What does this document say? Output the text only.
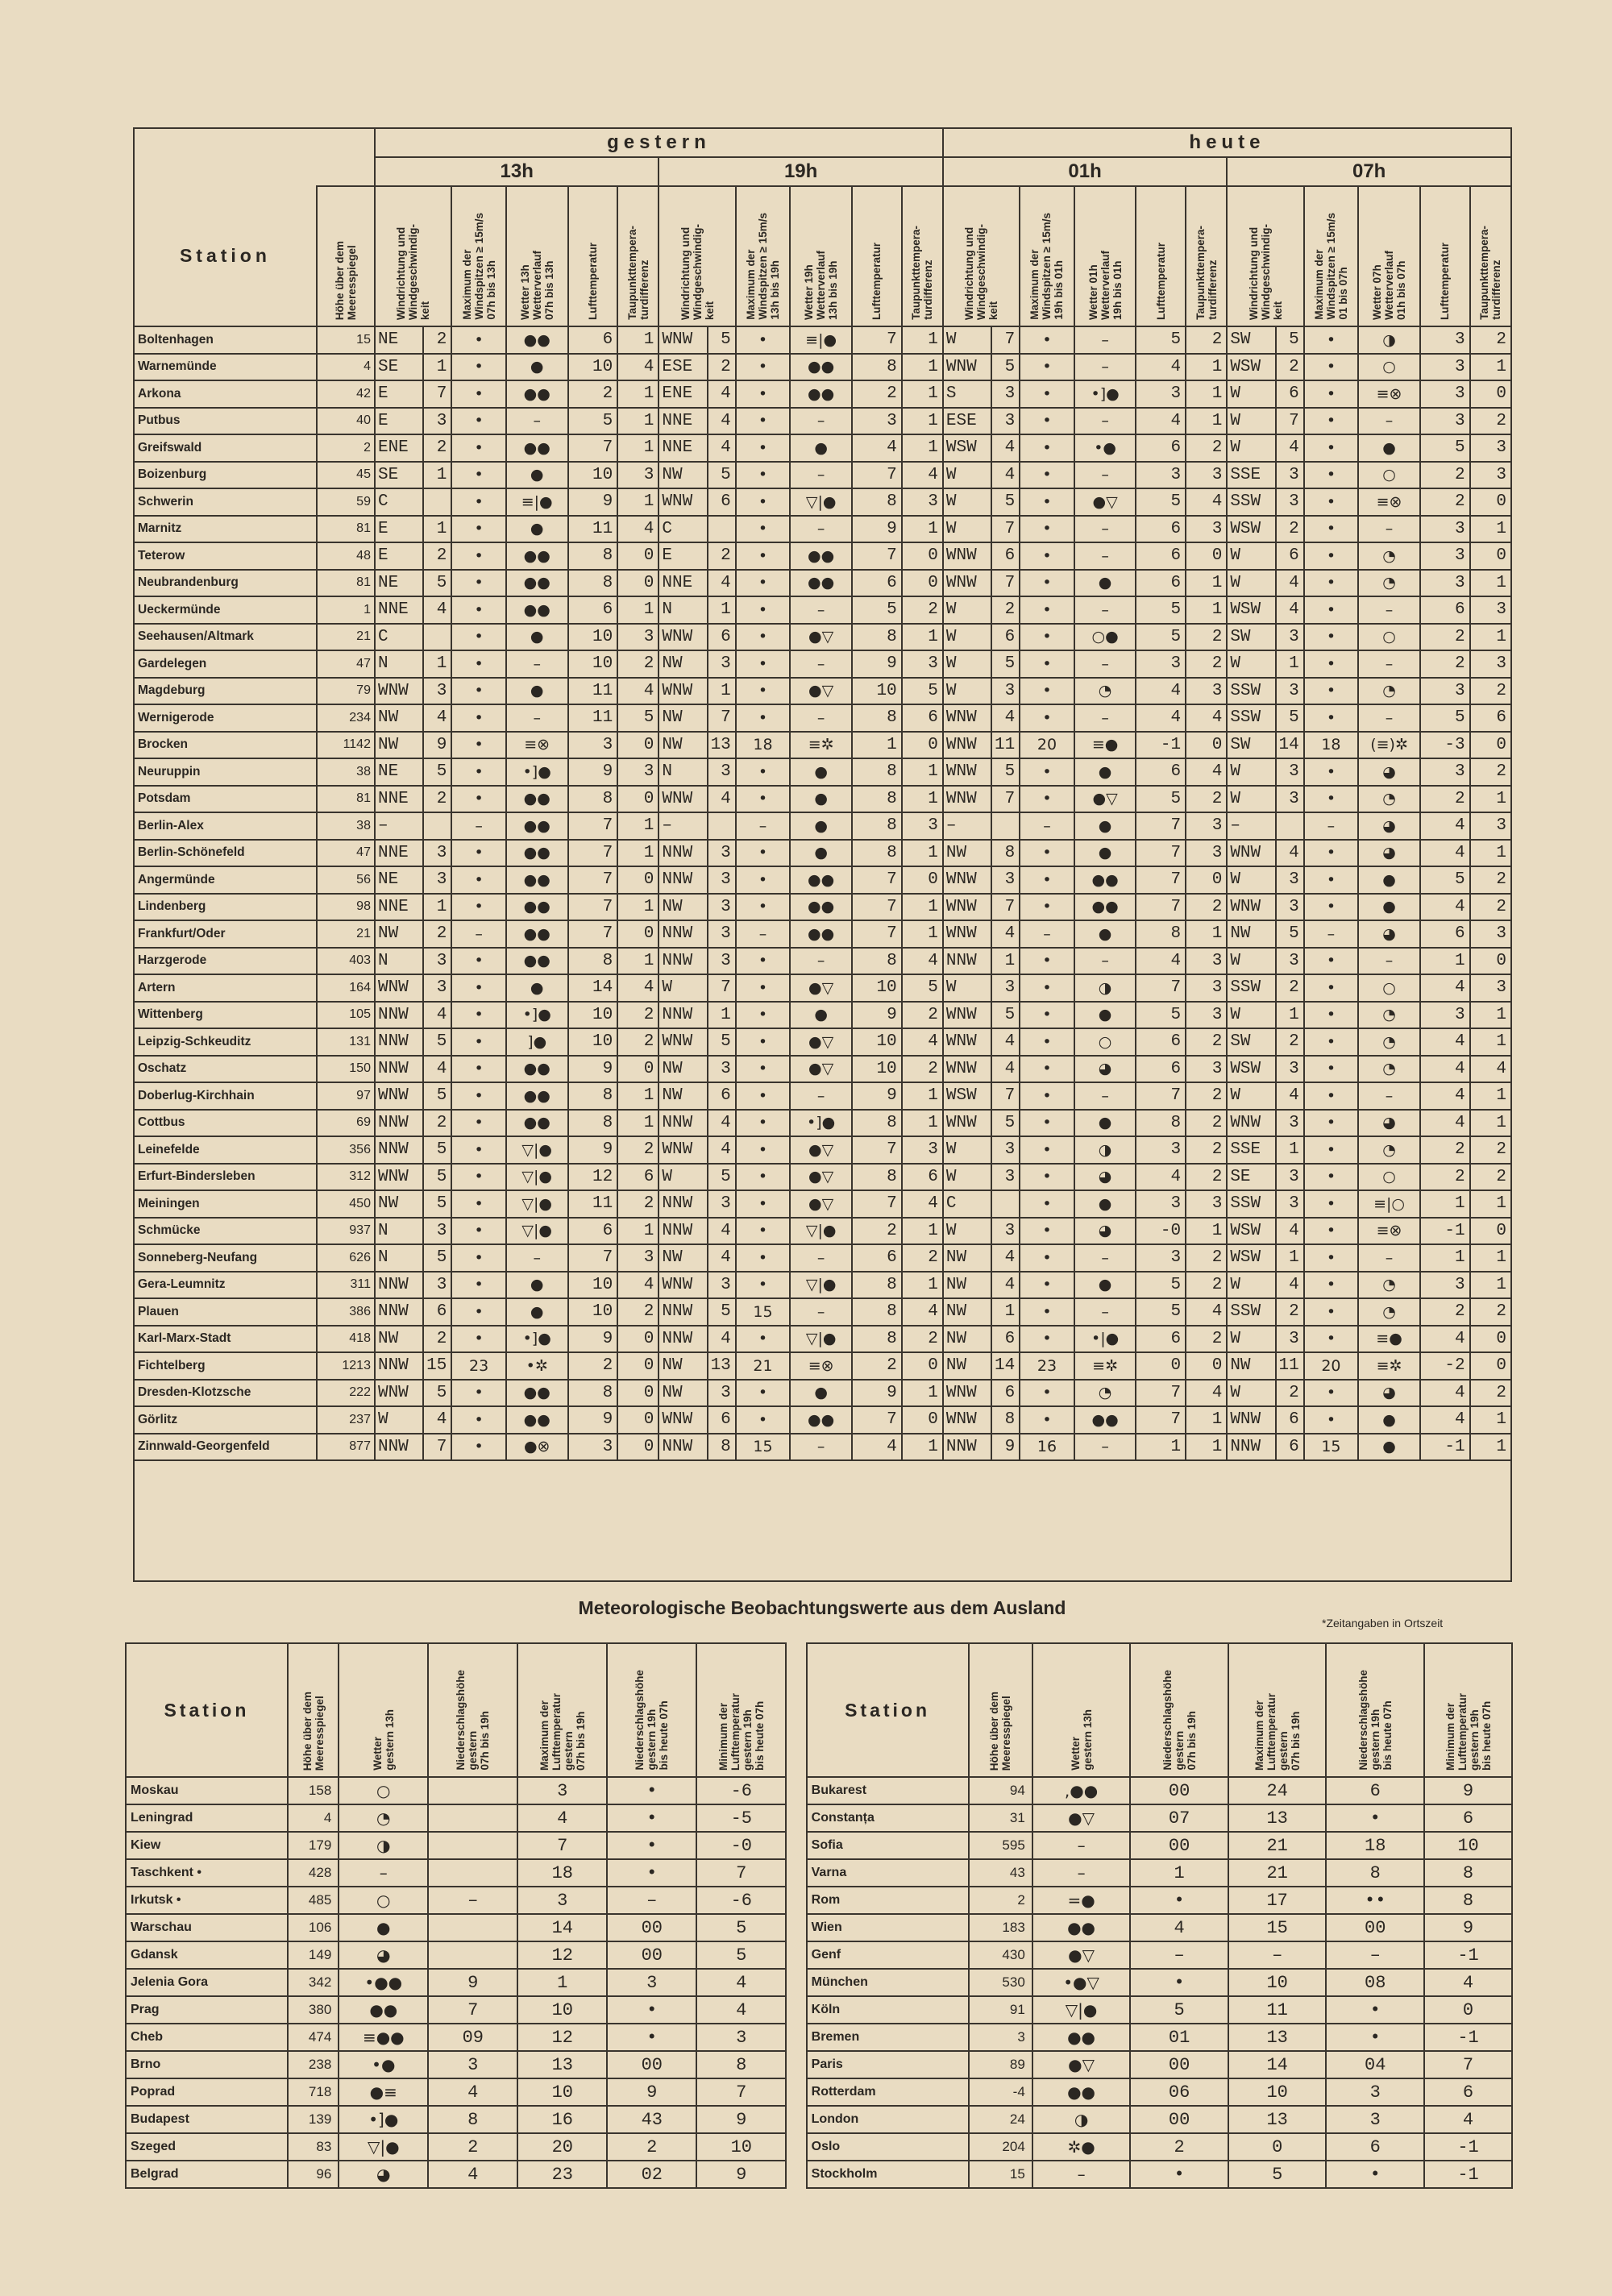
		gestern												heute											
		13h						19h						01h						07h					
Station	Höhe über dem
Meeresspiegel	Windrichtung und
Windgeschwindig-
keit		Maximum der
Windspitzen ≥ 15m/s
07h bis 13h	Wetter 13h
Wetterverlauf
07h bis 13h	Lufttemperatur	Taupunkttempera-
turdifferenz	Windrichtung und
Windgeschwindig-
keit		Maximum der
Windspitzen ≥ 15m/s
13h bis 19h	Wetter 19h
Wetterverlauf
13h bis 19h	Lufttemperatur	Taupunkttempera-
turdifferenz	Windrichtung und
Windgeschwindig-
keit		Maximum der
Windspitzen ≥ 15m/s
19h bis 01h	Wetter 01h
Wetterverlauf
19h bis 01h	Lufttemperatur	Taupunkttempera-
turdifferenz	Windrichtung und
Windgeschwindig-
keit		Maximum der
Windspitzen ≥ 15m/s
01 bis 07h	Wetter 07h
Wetterverlauf
01h bis 07h	Lufttemperatur	Taupunkttempera-
turdifferenz
Boltenhagen	15	NE	2	•	●●	6	1	WNW	5	•	≡|●	7	1	W	7	•	–	5	2	SW	5	•	◑	3	2
Warnemünde	4	SE	1	•	●	10	4	ESE	2	•	●●	8	1	WNW	5	•	–	4	1	WSW	2	•	○	3	1
Arkona	42	E	7	•	●●	2	1	ENE	4	•	●●	2	1	S	3	•	•]●	3	1	W	6	•	≡⊗	3	0
Putbus	40	E	3	•	–	5	1	NNE	4	•	–	3	1	ESE	3	•	–	4	1	W	7	•	–	3	2
Greifswald	2	ENE	2	•	●●	7	1	NNE	4	•	●	4	1	WSW	4	•	•●	6	2	W	4	•	●	5	3
Boizenburg	45	SE	1	•	●	10	3	NW	5	•	–	7	4	W	4	•	–	3	3	SSE	3	•	○	2	3
Schwerin	59	C		•	≡|●	9	1	WNW	6	•	▽|●	8	3	W	5	•	●▽	5	4	SSW	3	•	≡⊗	2	0
Marnitz	81	E	1	•	●	11	4	C		•	–	9	1	W	7	•	–	6	3	WSW	2	•	–	3	1
Teterow	48	E	2	•	●●	8	0	E	2	•	●●	7	0	WNW	6	•	–	6	0	W	6	•	◔	3	0
Neubrandenburg	81	NE	5	•	●●	8	0	NNE	4	•	●●	6	0	WNW	7	•	●	6	1	W	4	•	◔	3	1
Ueckermünde	1	NNE	4	•	●●	6	1	N	1	•	–	5	2	W	2	•	–	5	1	WSW	4	•	–	6	3
Seehausen/Altmark	21	C		•	●	10	3	WNW	6	•	●▽	8	1	W	6	•	○●	5	2	SW	3	•	○	2	1
Gardelegen	47	N	1	•	–	10	2	NW	3	•	–	9	3	W	5	•	–	3	2	W	1	•	–	2	3
Magdeburg	79	WNW	3	•	●	11	4	WNW	1	•	●▽	10	5	W	3	•	◔	4	3	SSW	3	•	◔	3	2
Wernigerode	234	NW	4	•	–	11	5	NW	7	•	–	8	6	WNW	4	•	–	4	4	SSW	5	•	–	5	6
Brocken	1142	NW	9	•	≡⊗	3	0	NW	13	18	≡✲	1	0	WNW	11	20	≡●	-1	0	SW	14	18	(≡)✲	-3	0
Neuruppin	38	NE	5	•	•]●	9	3	N	3	•	●	8	1	WNW	5	•	●	6	4	W	3	•	◕	3	2
Potsdam	81	NNE	2	•	●●	8	0	WNW	4	•	●	8	1	WNW	7	•	●▽	5	2	W	3	•	◔	2	1
Berlin-Alex	38	–		–	●●	7	1	–		–	●	8	3	–		–	●	7	3	–		–	◕	4	3
Berlin-Schönefeld	47	NNE	3	•	●●	7	1	NNW	3	•	●	8	1	NW	8	•	●	7	3	WNW	4	•	◕	4	1
Angermünde	56	NE	3	•	●●	7	0	NNW	3	•	●●	7	0	WNW	3	•	●●	7	0	W	3	•	●	5	2
Lindenberg	98	NNE	1	•	●●	7	1	NW	3	•	●●	7	1	WNW	7	•	●●	7	2	WNW	3	•	●	4	2
Frankfurt/Oder	21	NW	2	–	●●	7	0	NNW	3	–	●●	7	1	WNW	4	–	●	8	1	NW	5	–	◕	6	3
Harzgerode	403	N	3	•	●●	8	1	NNW	3	•	–	8	4	NNW	1	•	–	4	3	W	3	•	–	1	0
Artern	164	WNW	3	•	●	14	4	W	7	•	●▽	10	5	W	3	•	◑	7	3	SSW	2	•	○	4	3
Wittenberg	105	NNW	4	•	•]●	10	2	NNW	1	•	●	9	2	WNW	5	•	●	5	3	W	1	•	◔	3	1
Leipzig-Schkeuditz	131	NNW	5	•	]●	10	2	WNW	5	•	●▽	10	4	WNW	4	•	○	6	2	SW	2	•	◔	4	1
Oschatz	150	NNW	4	•	●●	9	0	NW	3	•	●▽	10	2	WNW	4	•	◕	6	3	WSW	3	•	◔	4	4
Doberlug-Kirchhain	97	WNW	5	•	●●	8	1	NW	6	•	–	9	1	WSW	7	•	–	7	2	W	4	•	–	4	1
Cottbus	69	NNW	2	•	●●	8	1	NNW	4	•	•]●	8	1	WNW	5	•	●	8	2	WNW	3	•	◕	4	1
Leinefelde	356	NNW	5	•	▽|●	9	2	WNW	4	•	●▽	7	3	W	3	•	◑	3	2	SSE	1	•	◔	2	2
Erfurt-Bindersleben	312	WNW	5	•	▽|●	12	6	W	5	•	●▽	8	6	W	3	•	◕	4	2	SE	3	•	○	2	2
Meiningen	450	NW	5	•	▽|●	11	2	NNW	3	•	●▽	7	4	C		•	●	3	3	SSW	3	•	≡|○	1	1
Schmücke	937	N	3	•	▽|●	6	1	NNW	4	•	▽|●	2	1	W	3	•	◕	-0	1	WSW	4	•	≡⊗	-1	0
Sonneberg-Neufang	626	N	5	•	–	7	3	NW	4	•	–	6	2	NW	4	•	–	3	2	WSW	1	•	–	1	1
Gera-Leumnitz	311	NNW	3	•	●	10	4	WNW	3	•	▽|●	8	1	NW	4	•	●	5	2	W	4	•	◔	3	1
Plauen	386	NNW	6	•	●	10	2	NNW	5	15	–	8	4	NW	1	•	–	5	4	SSW	2	•	◔	2	2
Karl-Marx-Stadt	418	NW	2	•	•]●	9	0	NNW	4	•	▽|●	8	2	NW	6	•	•|●	6	2	W	3	•	≡●	4	0
Fichtelberg	1213	NNW	15	23	•✲	2	0	NW	13	21	≡⊗	2	0	NW	14	23	≡✲	0	0	NW	11	20	≡✲	-2	0
Dresden-Klotzsche	222	WNW	5	•	●●	8	0	NW	3	•	●	9	1	WNW	6	•	◔	7	4	W	2	•	◕	4	2
Görlitz	237	W	4	•	●●	9	0	WNW	6	•	●●	7	0	WNW	8	•	●●	7	1	WNW	6	•	●	4	1
Zinnwald-Georgenfeld	877	NNW	7	•	●⊗	3	0	NNW	8	15	–	4	1	NNW	9	16	–	1	1	NNW	6	15	●	-1	1

Meteorologische Beobachtungswerte aus dem Ausland
*Zeitangaben in Ortszeit
Station	Höhe über dem
Meeresspiegel	Wetter
gestern 13h	Niederschlagshöhe
gestern
07h bis 19h	Maximum der
Lufttemperatur
gestern
07h bis 19h	Niederschlagshöhe
gestern 19h
bis heute 07h	Minimum der
Lufttemperatur
gestern 19h
bis heute 07h		Station	Höhe über dem
Meeresspiegel	Wetter
gestern 13h	Niederschlagshöhe
gestern
07h bis 19h	Maximum der
Lufttemperatur
gestern
07h bis 19h	Niederschlagshöhe
gestern 19h
bis heute 07h	Minimum der
Lufttemperatur
gestern 19h
bis heute 07h
Moskau	158	○		3	•	-6		Bukarest	94	,●●	00	24	6	9
Leningrad	4	◔		4	•	-5		Constanța	31	●▽	07	13	•	6
Kiew	179	◑		7	•	-0		Sofia	595	–	00	21	18	10
Taschkent •	428	–		18	•	7		Varna	43	–	1	21	8	8
Irkutsk •	485	○	–	3	–	-6		Rom	2	=●	•	17	••	8
Warschau	106	●		14	00	5		Wien	183	●●	4	15	00	9
Gdansk	149	◕		12	00	5		Genf	430	●▽	–	–	–	-1
Jelenia Gora	342	•●●	9	1	3	4		München	530	•●▽	•	10	08	4
Prag	380	●●	7	10	•	4		Köln	91	▽|●	5	11	•	0
Cheb	474	≡●●	09	12	•	3		Bremen	3	●●	01	13	•	-1
Brno	238	•●	3	13	00	8		Paris	89	●▽	00	14	04	7
Poprad	718	●≡	4	10	9	7		Rotterdam	-4	●●	06	10	3	6
Budapest	139	•]●	8	16	43	9		London	24	◑	00	13	3	4
Szeged	83	▽|●	2	20	2	10		Oslo	204	✲●	2	0	6	-1
Belgrad	96	◕	4	23	02	9		Stockholm	15	–	•	5	•	-1
